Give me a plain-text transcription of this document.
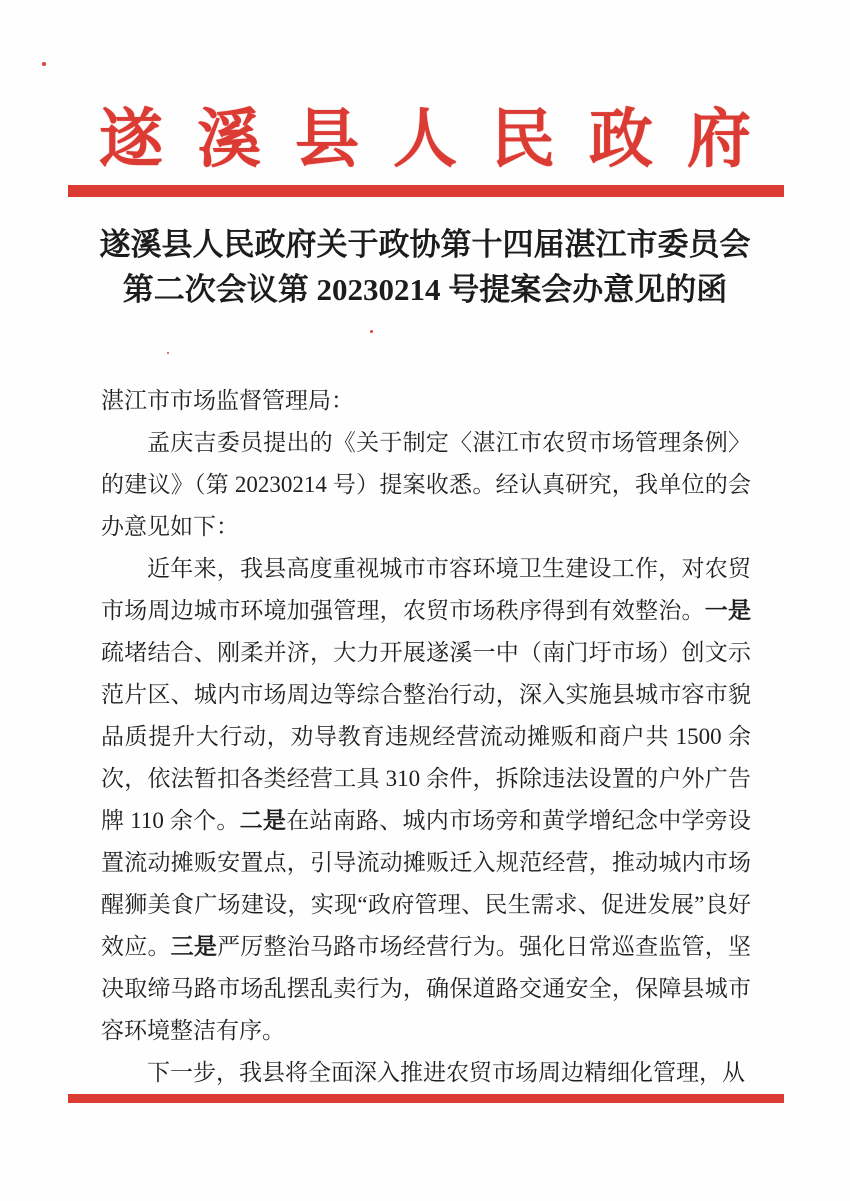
遂溪县人民政府
遂溪县人民政府关于政协第十四届湛江市委员会
第二次会议第 20230214 号提案会办意见的函

湛江市市场监督管理局：

孟庆吉委员提出的《关于制定〈湛江市农贸市场管理条例〉的建议》（第 20230214 号）提案收悉。经认真研究，我单位的会办意见如下：

近年来，我县高度重视城市市容环境卫生建设工作，对农贸市场周边城市环境加强管理，农贸市场秩序得到有效整治。一是疏堵结合、刚柔并济，大力开展遂溪一中（南门圩市场）创文示范片区、城内市场周边等综合整治行动，深入实施县城市容市貌品质提升大行动，劝导教育违规经营流动摊贩和商户共 1500 余次，依法暂扣各类经营工具 310 余件，拆除违法设置的户外广告牌 110 余个。二是在站南路、城内市场旁和黄学增纪念中学旁设置流动摊贩安置点，引导流动摊贩迁入规范经营，推动城内市场醒狮美食广场建设，实现“政府管理、民生需求、促进发展”良好效应。三是严厉整治马路市场经营行为。强化日常巡查监管，坚决取缔马路市场乱摆乱卖行为，确保道路交通安全，保障县城市容环境整洁有序。

下一步，我县将全面深入推进农贸市场周边精细化管理，从
